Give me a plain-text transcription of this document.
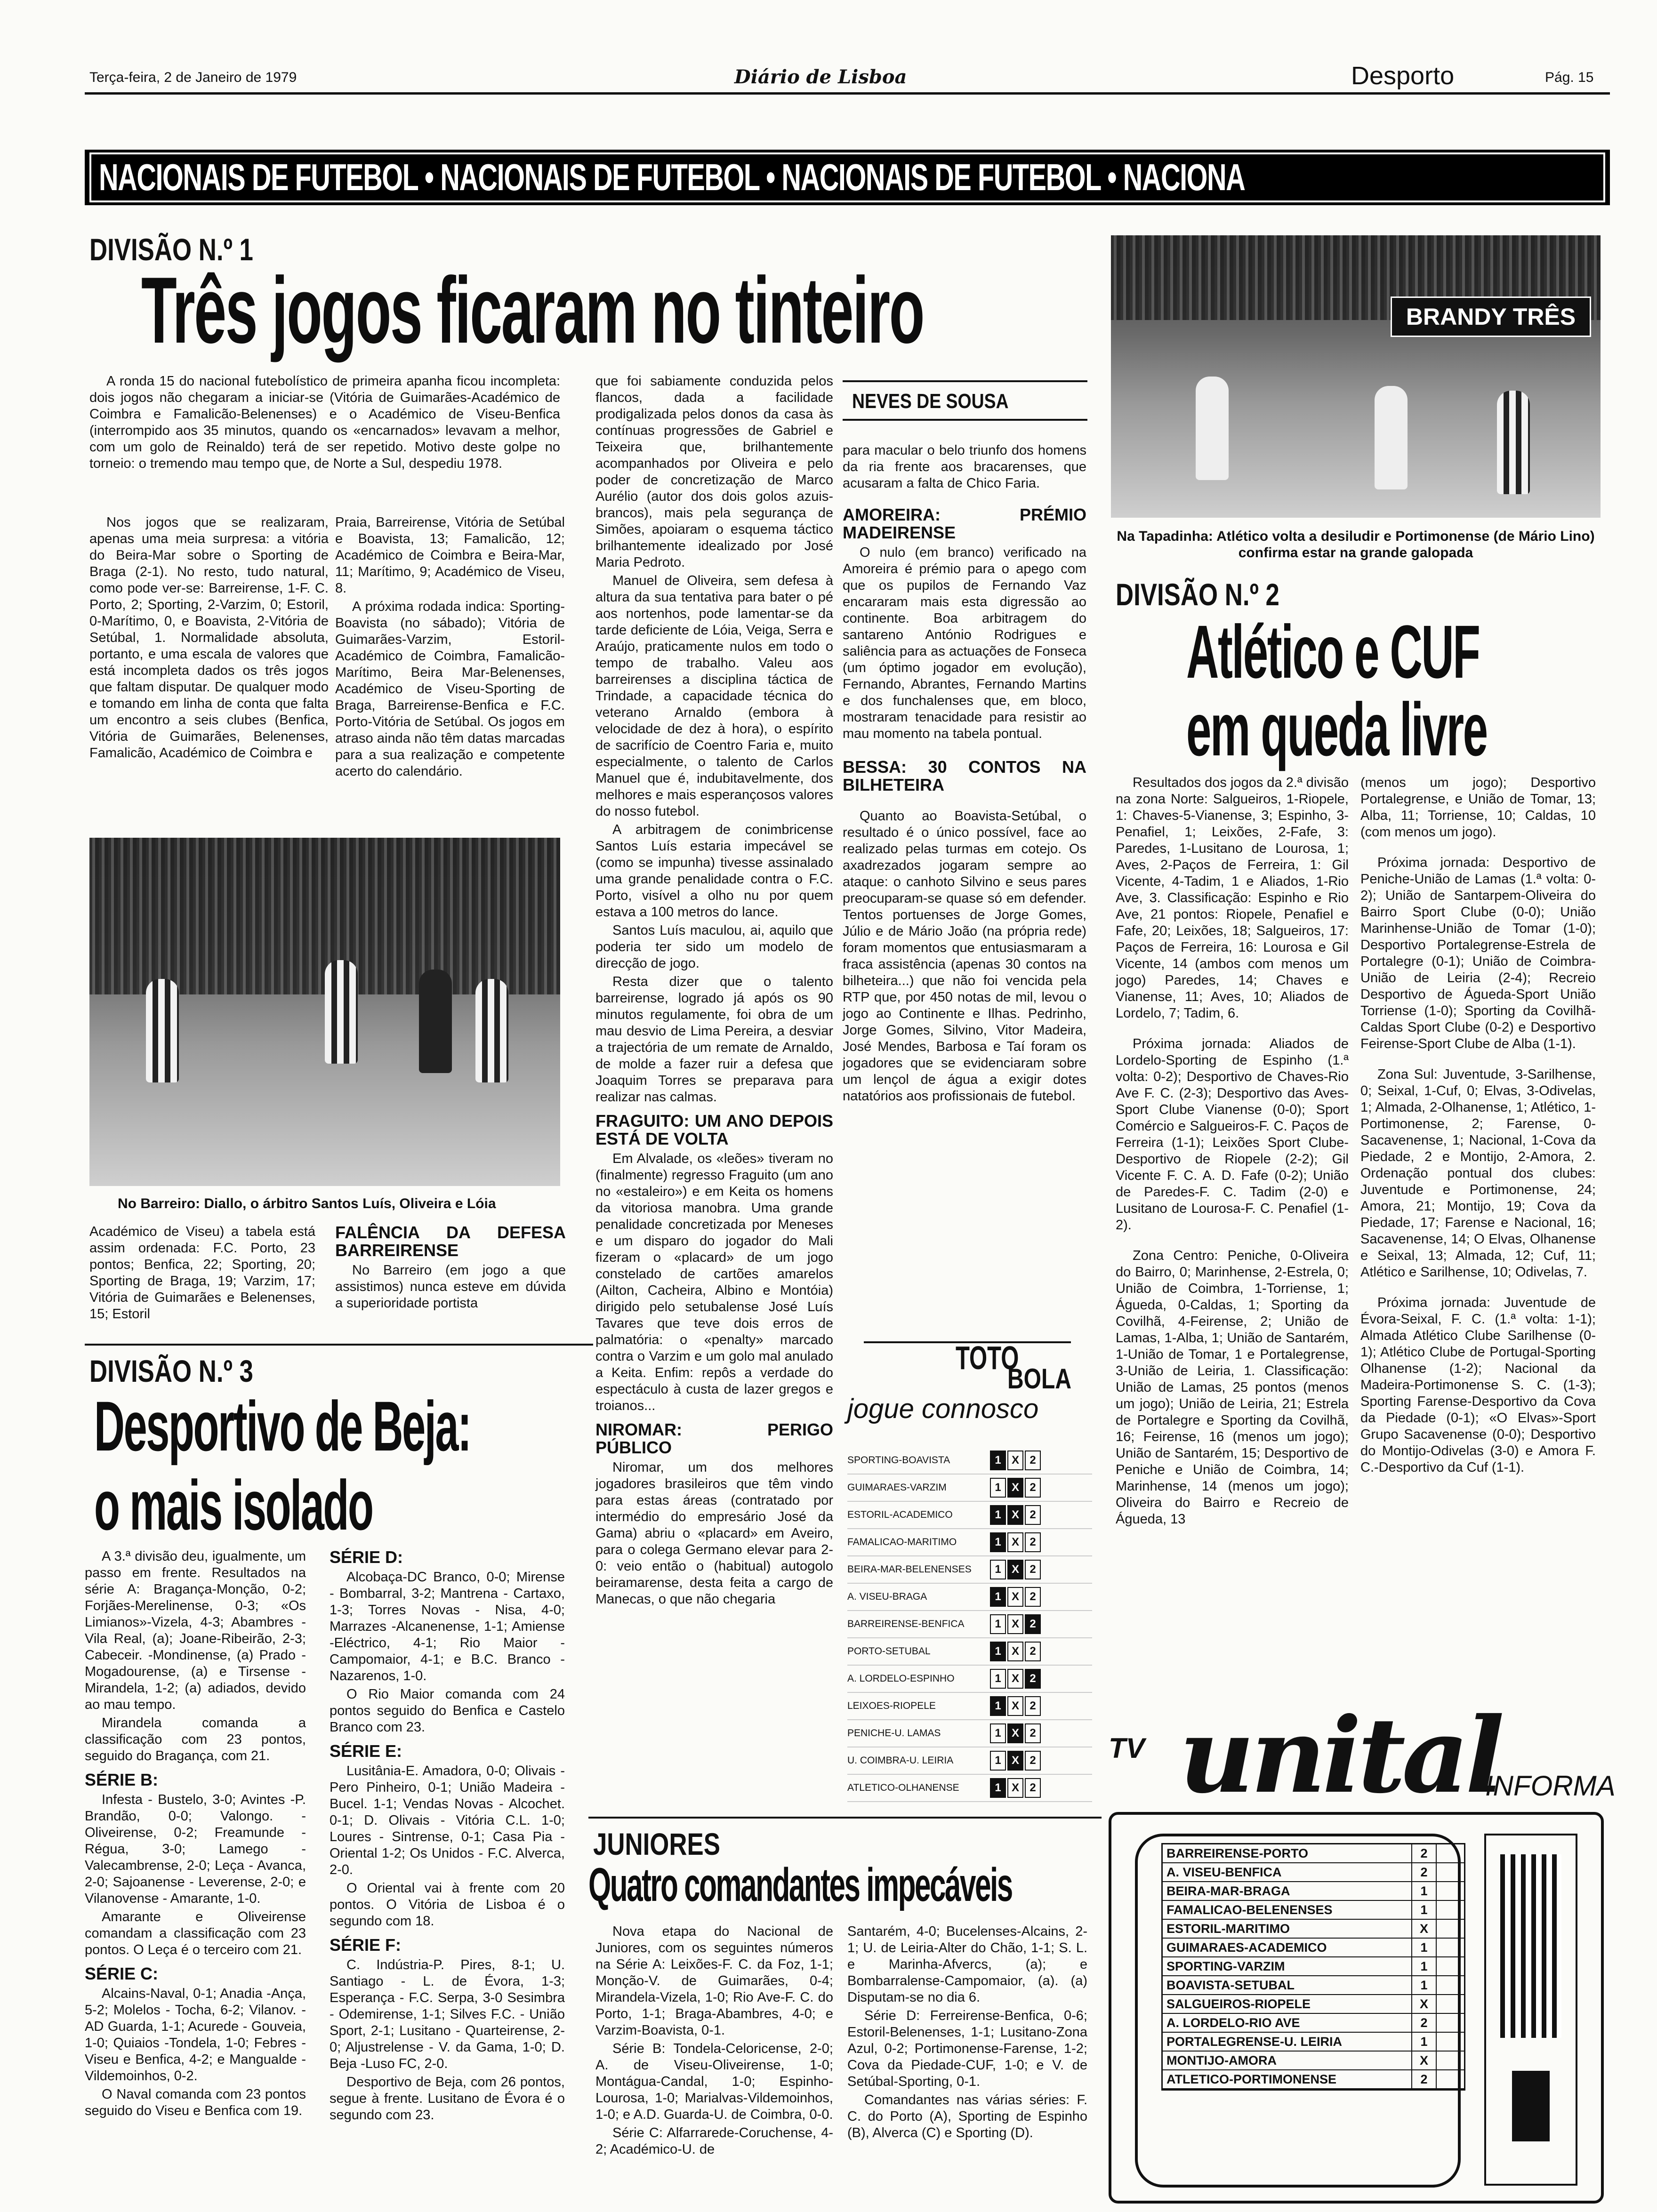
Terça-feira, 2 de Janeiro de 1979	Diário de Lisboa	Desporto	Pág. 15
NACIONAIS DE FUTEBOL • NACIONAIS DE FUTEBOL • NACIONAIS DE FUTEBOL • NACIONA
DIVISÃO N.º 1
Três jogos ficaram no tinteiro

A ronda 15 do nacional futebolístico de primeira apanha ficou incompleta: dois jogos não chegaram a iniciar-se (Vitória de Guimarães-Académico de Coimbra e Famalicão-Belenenses) e o Académico de Viseu-Benfica (interrompido aos 35 minutos, quando os «encarnados» levavam a melhor, com um golo de Reinaldo) terá de ser repetido. Motivo deste golpe no torneio: o tremendo mau tempo que, de Norte a Sul, despediu 1978.

Nos jogos que se realizaram, apenas uma meia surpresa: a vitória do Beira-Mar sobre o Sporting de Braga (2-1). No resto, tudo natural, como pode ver-se: Barreirense, 1-F. C. Porto, 2; Sporting, 2-Varzim, 0; Estoril, 0-Marítimo, 0, e Boavista, 2-Vitória de Setúbal, 1. Normalidade absoluta, portanto, e uma escala de valores que está incompleta dados os três jogos que faltam disputar. De qualquer modo e tomando em linha de conta que falta um encontro a seis clubes (Benfica, Vitória de Guimarães, Belenenses, Famalicão, Académico de Coimbra e

Praia, Barreirense, Vitória de Setúbal e Boavista, 13; Famalicão, 12; Académico de Coimbra e Beira-Mar, 11; Marítimo, 9; Académico de Viseu, 8.

A próxima rodada indica: Sporting-Boavista (no sábado); Vitória de Guimarães-Varzim, Estoril-Académico de Coimbra, Famalicão-Marítimo, Beira Mar-Belenenses, Académico de Viseu-Sporting de Braga, Barreirense-Benfica e F.C. Porto-Vitória de Setúbal. Os jogos em atraso ainda não têm datas marcadas para a sua realização e competente acerto do calendário.

No Barreiro: Diallo, o árbitro Santos Luís, Oliveira e Lóia

Académico de Viseu) a tabela está assim ordenada: F.C. Porto, 23 pontos; Benfica, 22; Sporting, 20; Sporting de Braga, 19; Varzim, 17; Vitória de Guimarães e Belenenses, 15; Estoril

FALÊNCIA DA DEFESA BARREIRENSE

No Barreiro (em jogo a que assistimos) nunca esteve em dúvida a superioridade portista

que foi sabiamente conduzida pelos flancos, dada a facilidade prodigalizada pelos donos da casa às contínuas progressões de Gabriel e Teixeira que, brilhantemente acompanhados por Oliveira e pelo poder de concretização de Marco Aurélio (autor dos dois golos azuis-brancos), mais pela segurança de Simões, apoiaram o esquema táctico brilhantemente idealizado por José Maria Pedroto.

Manuel de Oliveira, sem defesa à altura da sua tentativa para bater o pé aos nortenhos, pode lamentar-se da tarde deficiente de Lóia, Veiga, Serra e Araújo, praticamente nulos em todo o tempo de trabalho. Valeu aos barreirenses a disciplina táctica de Trindade, a capacidade técnica do veterano Arnaldo (embora à velocidade de dez à hora), o espírito de sacrifício de Coentro Faria e, muito especialmente, o talento de Carlos Manuel que é, indubitavelmente, dos melhores e mais esperançosos valores do nosso futebol.

A arbitragem de conimbricense Santos Luís estaria impecável se (como se impunha) tivesse assinalado uma grande penalidade contra o F.C. Porto, visível a olho nu por quem estava a 100 metros do lance.

Santos Luís maculou, ai, aquilo que poderia ter sido um modelo de direcção de jogo.

Resta dizer que o talento barreirense, logrado já após os 90 minutos regulamente, foi obra de um mau desvio de Lima Pereira, a desviar a trajectória de um remate de Arnaldo, de molde a fazer ruir a defesa que Joaquim Torres se preparava para realizar nas calmas.

FRAGUITO: UM ANO DEPOIS ESTÁ DE VOLTA

Em Alvalade, os «leões» tiveram no (finalmente) regresso Fraguito (um ano no «estaleiro») e em Keita os homens da vitoriosa manobra. Uma grande penalidade concretizada por Meneses e um disparo do jogador do Mali fizeram o «placard» de um jogo constelado de cartões amarelos (Ailton, Cacheira, Albino e Montóia) dirigido pelo setubalense José Luís Tavares que teve dois erros de palmatória: o «penalty» marcado contra o Varzim e um golo mal anulado a Keita. Enfim: repôs a verdade do espectáculo à custa de lazer gregos e troianos...

NIROMAR: PERIGO PÚBLICO

Niromar, um dos melhores jogadores brasileiros que têm vindo para estas áreas (contratado por intermédio do empresário José da Gama) abriu o «placard» em Aveiro, para o colega Germano elevar para 2-0: veio então o (habitual) autogolo beiramarense, desta feita a cargo de Manecas, o que não chegaria

NEVES DE SOUSA

para macular o belo triunfo dos homens da ria frente aos bracarenses, que acusaram a falta de Chico Faria.

AMOREIRA: PRÉMIO MADEIRENSE

O nulo (em branco) verificado na Amoreira é prémio para o apego com que os pupilos de Fernando Vaz encararam mais esta digressão ao continente. Boa arbitragem do santareno António Rodrigues e saliência para as actuações de Fonseca (um óptimo jogador em evolução), Fernando, Abrantes, Fernando Martins e dos funchalenses que, em bloco, mostraram tenacidade para resistir ao mau momento na tabela pontual.

BESSA: 30 CONTOS NA BILHETEIRA

Quanto ao Boavista-Setúbal, o resultado é o único possível, face ao realizado pelas turmas em cotejo. Os axadrezados jogaram sempre ao ataque: o canhoto Silvino e seus pares preocuparam-se quase só em defender. Tentos portuenses de Jorge Gomes, Júlio e de Mário João (na própria rede) foram momentos que entusiasmaram a fraca assistência (apenas 30 contos na bilheteira...) que não foi vencida pela RTP que, por 450 notas de mil, levou o jogo ao Continente e Ilhas. Pedrinho, Jorge Gomes, Silvino, Vitor Madeira, José Mendes, Barbosa e Taí foram os jogadores que se evidenciaram sobre um lençol de água a exigir dotes natatórios aos profissionais de futebol.

BRANDY TRÊS
Na Tapadinha: Atlético volta a desiludir e Portimonense (de Mário Lino) confirma estar na grande galopada
DIVISÃO N.º 2
Atlético e CUF
em queda livre

Resultados dos jogos da 2.ª divisão na zona Norte: Salgueiros, 1-Riopele, 1: Chaves-5-Vianense, 3; Espinho, 3-Penafiel, 1; Leixões, 2-Fafe, 3: Paredes, 1-Lusitano de Lourosa, 1; Aves, 2-Paços de Ferreira, 1: Gil Vicente, 4-Tadim, 1 e Aliados, 1-Rio Ave, 3. Classificação: Espinho e Rio Ave, 21 pontos: Riopele, Penafiel e Fafe, 20; Leixões, 18; Salgueiros, 17: Paços de Ferreira, 16: Lourosa e Gil Vicente, 14 (ambos com menos um jogo) Paredes, 14; Chaves e Vianense, 11; Aves, 10; Aliados de Lordelo, 7; Tadim, 6.

Próxima jornada: Aliados de Lordelo-Sporting de Espinho (1.ª volta: 0-2); Desportivo de Chaves-Rio Ave F. C. (2-3); Desportivo das Aves-Sport Clube Vianense (0-0); Sport Comércio e Salgueiros-F. C. Paços de Ferreira (1-1); Leixões Sport Clube-Desportivo de Riopele (2-2); Gil Vicente F. C. A. D. Fafe (0-2); União de Paredes-F. C. Tadim (2-0) e Lusitano de Lourosa-F. C. Penafiel (1-2).

Zona Centro: Peniche, 0-Oliveira do Bairro, 0; Marinhense, 2-Estrela, 0; União de Coimbra, 1-Torriense, 1; Águeda, 0-Caldas, 1; Sporting da Covilhã, 4-Feirense, 2; União de Lamas, 1-Alba, 1; União de Santarém, 1-União de Tomar, 1 e Portalegrense, 3-União de Leiria, 1. Classificação: União de Lamas, 25 pontos (menos um jogo); União de Leiria, 21; Estrela de Portalegre e Sporting da Covilhã, 16; Feirense, 16 (menos um jogo); União de Santarém, 15; Desportivo de Peniche e União de Coimbra, 14; Marinhense, 14 (menos um jogo); Oliveira do Bairro e Recreio de Águeda, 13

(menos um jogo); Desportivo Portalegrense, e União de Tomar, 13; Alba, 11; Torriense, 10; Caldas, 10 (com menos um jogo).

Próxima jornada: Desportivo de Peniche-União de Lamas (1.ª volta: 0-2); União de Santarpem-Oliveira do Bairro Sport Clube (0-0); União Marinhense-União de Tomar (1-0); Desportivo Portalegrense-Estrela de Portalegre (0-1); União de Coimbra-União de Leiria (2-4); Recreio Desportivo de Águeda-Sport União Torriense (1-0); Sporting da Covilhã-Caldas Sport Clube (0-2) e Desportivo Feirense-Sport Clube de Alba (1-1).

Zona Sul: Juventude, 3-Sarilhense, 0; Seixal, 1-Cuf, 0; Elvas, 3-Odivelas, 1; Almada, 2-Olhanense, 1; Atlético, 1-Portimonense, 2; Farense, 0-Sacavenense, 1; Nacional, 1-Cova da Piedade, 2 e Montijo, 2-Amora, 2. Ordenação pontual dos clubes: Juventude e Portimonense, 24; Amora, 21; Montijo, 19; Cova da Piedade, 17; Farense e Nacional, 16; Sacavenense, 14; O Elvas, Olhanense e Seixal, 13; Almada, 12; Cuf, 11; Atlético e Sarilhense, 10; Odivelas, 7.

Próxima jornada: Juventude de Évora-Seixal, F. C. (1.ª volta: 1-1); Almada Atlético Clube Sarilhense (0-1); Atlético Clube de Portugal-Sporting Olhanense (1-2); Nacional da Madeira-Portimonense S. C. (1-3); Sporting Farense-Desportivo da Cova da Piedade (0-1); «O Elvas»-Sport Grupo Sacavenense (0-0); Desportivo do Montijo-Odivelas (3-0) e Amora F. C.-Desportivo da Cuf (1-1).

DIVISÃO N.º 3
Desportivo de Beja:
o mais isolado

A 3.ª divisão deu, igualmente, um passo em frente. Resultados na série A: Bragança-Monção, 0-2; Forjães-Merelinense, 0-3; «Os Limianos»-Vizela, 4-3; Abambres - Vila Real, (a); Joane-Ribeirão, 2-3; Cabeceir. -Mondinense, (a) Prado - Mogadourense, (a) e Tirsense - Mirandela, 1-2; (a) adiados, devido ao mau tempo.

Mirandela comanda a classificação com 23 pontos, seguido do Bragança, com 21.

SÉRIE B:

Infesta - Bustelo, 3-0; Avintes -P. Brandão, 0-0; Valongo. - Oliveirense, 0-2; Freamunde - Régua, 3-0; Lamego - Valecambrense, 2-0; Leça - Avanca, 2-0; Sajoanense - Leverense, 2-0; e Vilanovense - Amarante, 1-0.

Amarante e Oliveirense comandam a classificação com 23 pontos. O Leça é o terceiro com 21.

SÉRIE C:

Alcains-Naval, 0-1; Anadia -Ança, 5-2; Molelos - Tocha, 6-2; Vilanov. - AD Guarda, 1-1; Acurede - Gouveia, 1-0; Quiaios -Tondela, 1-0; Febres - Viseu e Benfica, 4-2; e Mangualde - Vildemoinhos, 0-2.

O Naval comanda com 23 pontos seguido do Viseu e Benfica com 19.

SÉRIE D:

Alcobaça-DC Branco, 0-0; Mirense - Bombarral, 3-2; Mantrena - Cartaxo, 1-3; Torres Novas - Nisa, 4-0; Marrazes -Alcanenense, 1-1; Amiense -Eléctrico, 4-1; Rio Maior - Campomaior, 4-1; e B.C. Branco -Nazarenos, 1-0.

O Rio Maior comanda com 24 pontos seguido do Benfica e Castelo Branco com 23.

SÉRIE E:

Lusitânia-E. Amadora, 0-0; Olivais - Pero Pinheiro, 0-1; União Madeira - Bucel. 1-1; Vendas Novas - Alcochet. 0-1; D. Olivais - Vitória C.L. 1-0; Loures - Sintrense, 0-1; Casa Pia - Oriental 1-2; Os Unidos - F.C. Alverca, 2-0.

O Oriental vai à frente com 20 pontos. O Vitória de Lisboa é o segundo com 18.

SÉRIE F:

C. Indústria-P. Pires, 8-1; U. Santiago - L. de Évora, 1-3; Esperança - F.C. Serpa, 3-0 Sesimbra - Odemirense, 1-1; Silves F.C. - União Sport, 2-1; Lusitano - Quarteirense, 2-0; Aljustrelense - V. da Gama, 1-0; D. Beja -Luso FC, 2-0.

Desportivo de Beja, com 26 pontos, segue à frente. Lusitano de Évora é o segundo com 23.

TOTO
BOLA
jogue connosco
SPORTING-BOAVISTA	1 X 2
GUIMARAES-VARZIM	1 X 2
ESTORIL-ACADEMICO	1 X 2
FAMALICAO-MARITIMO	1 X 2
BEIRA-MAR-BELENENSES	1 X 2
A. VISEU-BRAGA	1 X 2
BARREIRENSE-BENFICA	1 X 2
PORTO-SETUBAL	1 X 2
A. LORDELO-ESPINHO	1 X 2
LEIXOES-RIOPELE	1 X 2
PENICHE-U. LAMAS	1 X 2
U. COIMBRA-U. LEIRIA	1 X 2
ATLETICO-OLHANENSE	1 X 2
JUNIORES
Quatro comandantes impecáveis

Nova etapa do Nacional de Juniores, com os seguintes números na Série A: Leixões-F. C. da Foz, 1-1; Monção-V. de Guimarães, 0-4; Mirandela-Vizela, 1-0; Rio Ave-F. C. do Porto, 1-1; Braga-Abambres, 4-0; e Varzim-Boavista, 0-1.

Série B: Tondela-Celoricense, 2-0; A. de Viseu-Oliveirense, 1-0; Montágua-Candal, 1-0; Espinho-Lourosa, 1-0; Marialvas-Vildemoinhos, 1-0; e A.D. Guarda-U. de Coimbra, 0-0.

Série C: Alfarrarede-Coruchense, 4-2; Académico-U. de

Santarém, 4-0; Bucelenses-Alcains, 2-1; U. de Leiria-Alter do Chão, 1-1; S. L. e Marinha-Afvercs, (a); e Bombarralense-Campomaior, (a). (a) Disputam-se no dia 6.

Série D: Ferreirense-Benfica, 0-6; Estoril-Belenenses, 1-1; Lusitano-Zona Azul, 0-2; Portimonense-Farense, 1-2; Cova da Piedade-CUF, 1-0; e V. de Setúbal-Sporting, 0-1.

Comandantes nas várias séries: F. C. do Porto (A), Sporting de Espinho (B), Alverca (C) e Sporting (D).

TV unital
INFORMA
BARREIRENSE-PORTO	2
A. VISEU-BENFICA	2
BEIRA-MAR-BRAGA	1
FAMALICAO-BELENENSES	1
ESTORIL-MARITIMO	X
GUIMARAES-ACADEMICO	1
SPORTING-VARZIM	1
BOAVISTA-SETUBAL	1
SALGUEIROS-RIOPELE	X
A. LORDELO-RIO AVE	2
PORTALEGRENSE-U. LEIRIA	1
MONTIJO-AMORA	X
ATLETICO-PORTIMONENSE	2
